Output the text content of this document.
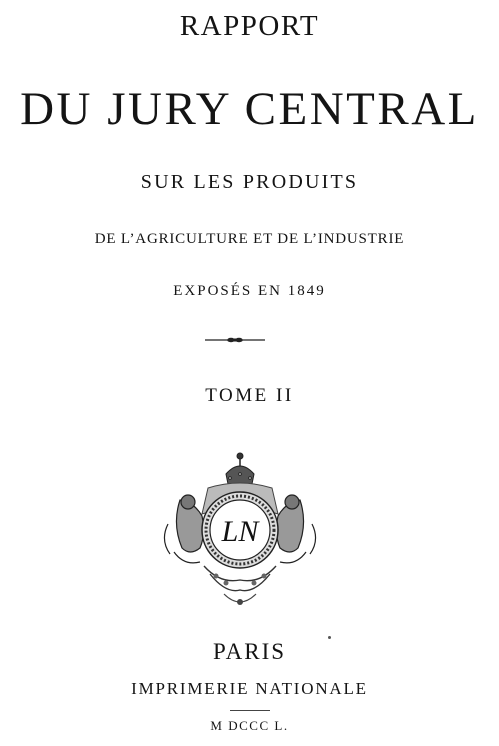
RAPPORT
DU JURY CENTRAL
SUR LES PRODUITS
DE L’AGRICULTURE ET DE L’INDUSTRIE
EXPOSÉS EN 1849
TOME II
LN
PARIS
IMPRIMERIE NATIONALE
M DCCC L.
